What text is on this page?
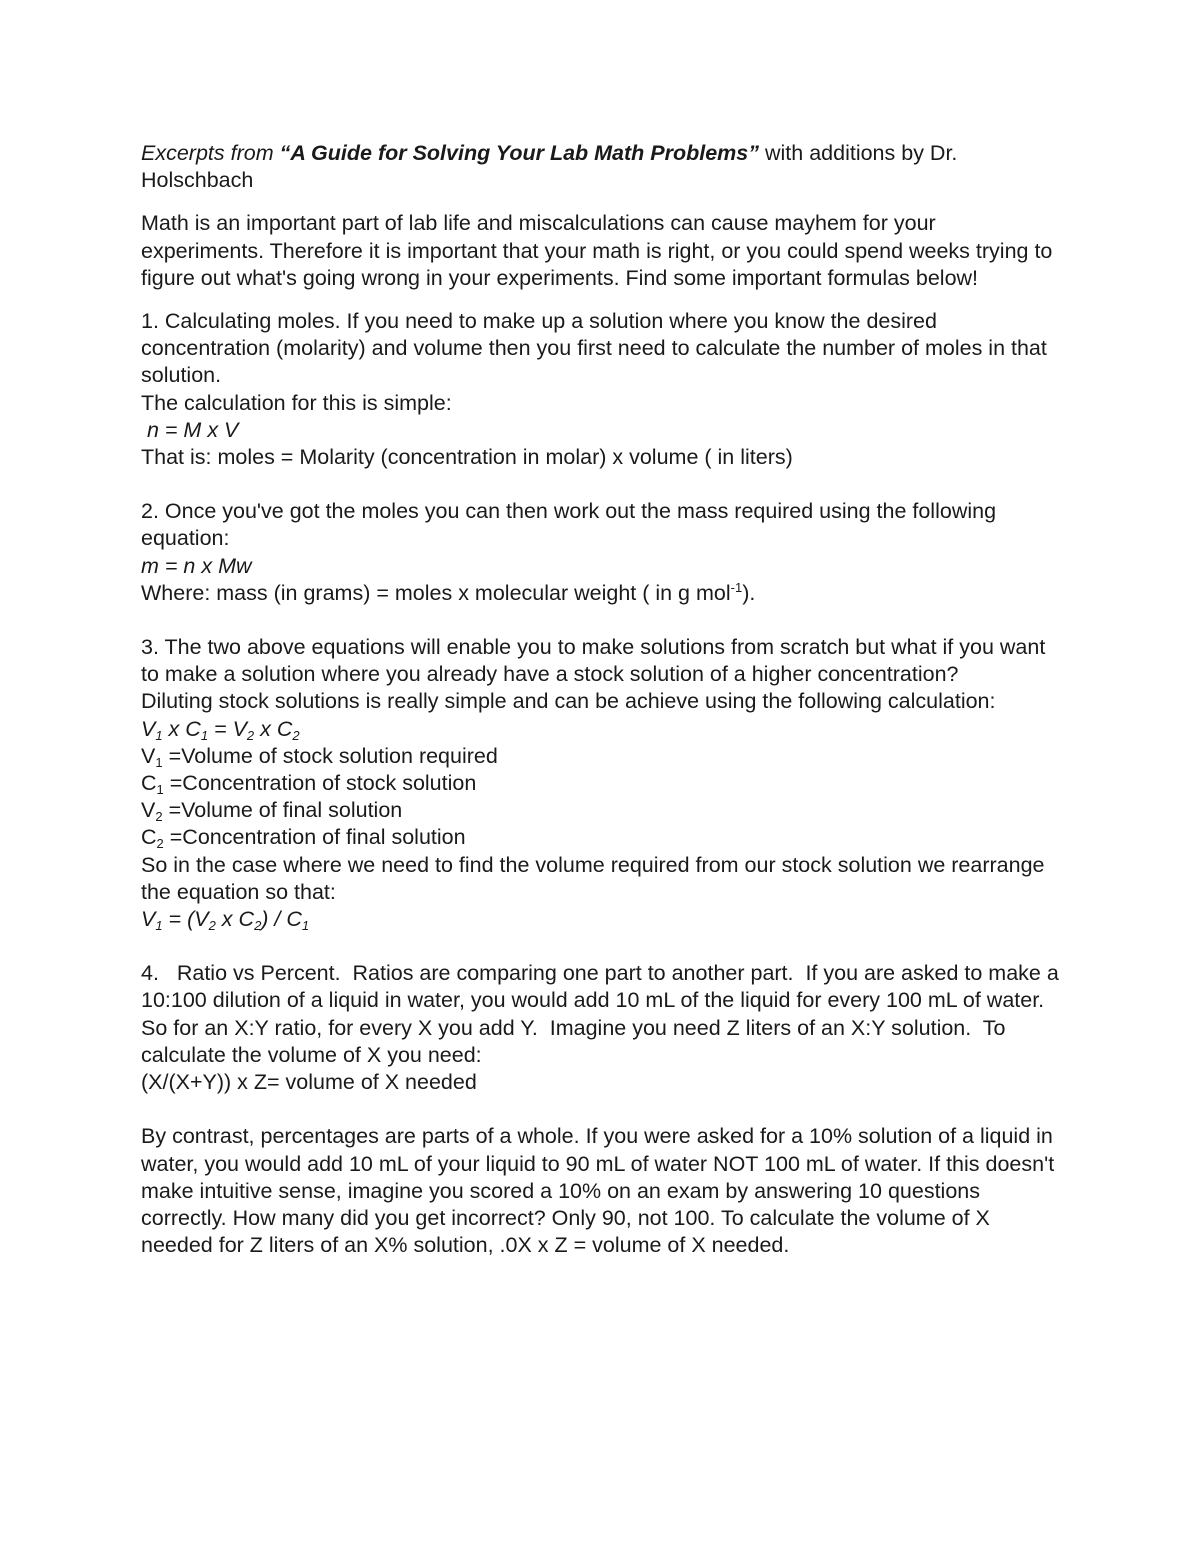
Excerpts from “A Guide for Solving Your Lab Math Problems” with additions by Dr. Holschbach

Math is an important part of lab life and miscalculations can cause mayhem for your experiments. Therefore it is important that your math is right, or you could spend weeks trying to figure out what's going wrong in your experiments. Find some important formulas below!

1. Calculating moles. If you need to make up a solution where you know the desired concentration (molarity) and volume then you first need to calculate the number of moles in that solution.

The calculation for this is simple:

n = M x V

That is: moles = Molarity (concentration in molar) x volume ( in liters)

2. Once you've got the moles you can then work out the mass required using the following equation:

m = n x Mw

Where: mass (in grams) = moles x molecular weight ( in g mol$^{-1}$).

3. The two above equations will enable you to make solutions from scratch but what if you want to make a solution where you already have a stock solution of a higher concentration?

Diluting stock solutions is really simple and can be achieve using the following calculation:

$V_1$ x $C_1 = V_2$ x $C_2$

$V_1$ =Volume of stock solution required

$C_1$ =Concentration of stock solution

$V_2$ =Volume of final solution

$C_2$ =Concentration of final solution

So in the case where we need to find the volume required from our stock solution we rearrange the equation so that:

$V_1 = (V_2$ x $C_2) / C_1$

4.   Ratio vs Percent.  Ratios are comparing one part to another part.  If you are asked to make a 10:100 dilution of a liquid in water, you would add 10 mL of the liquid for every 100 mL of water.  So for an X:Y ratio, for every X you add Y.  Imagine you need Z liters of an X:Y solution.  To calculate the volume of X you need:

(X/(X+Y)) x Z= volume of X needed

By contrast, percentages are parts of a whole. If you were asked for a 10% solution of a liquid in water, you would add 10 mL of your liquid to 90 mL of water NOT 100 mL of water. If this doesn't make intuitive sense, imagine you scored a 10% on an exam by answering 10 questions correctly. How many did you get incorrect? Only 90, not 100. To calculate the volume of X needed for Z liters of an X% solution, .0X x Z = volume of X needed.
